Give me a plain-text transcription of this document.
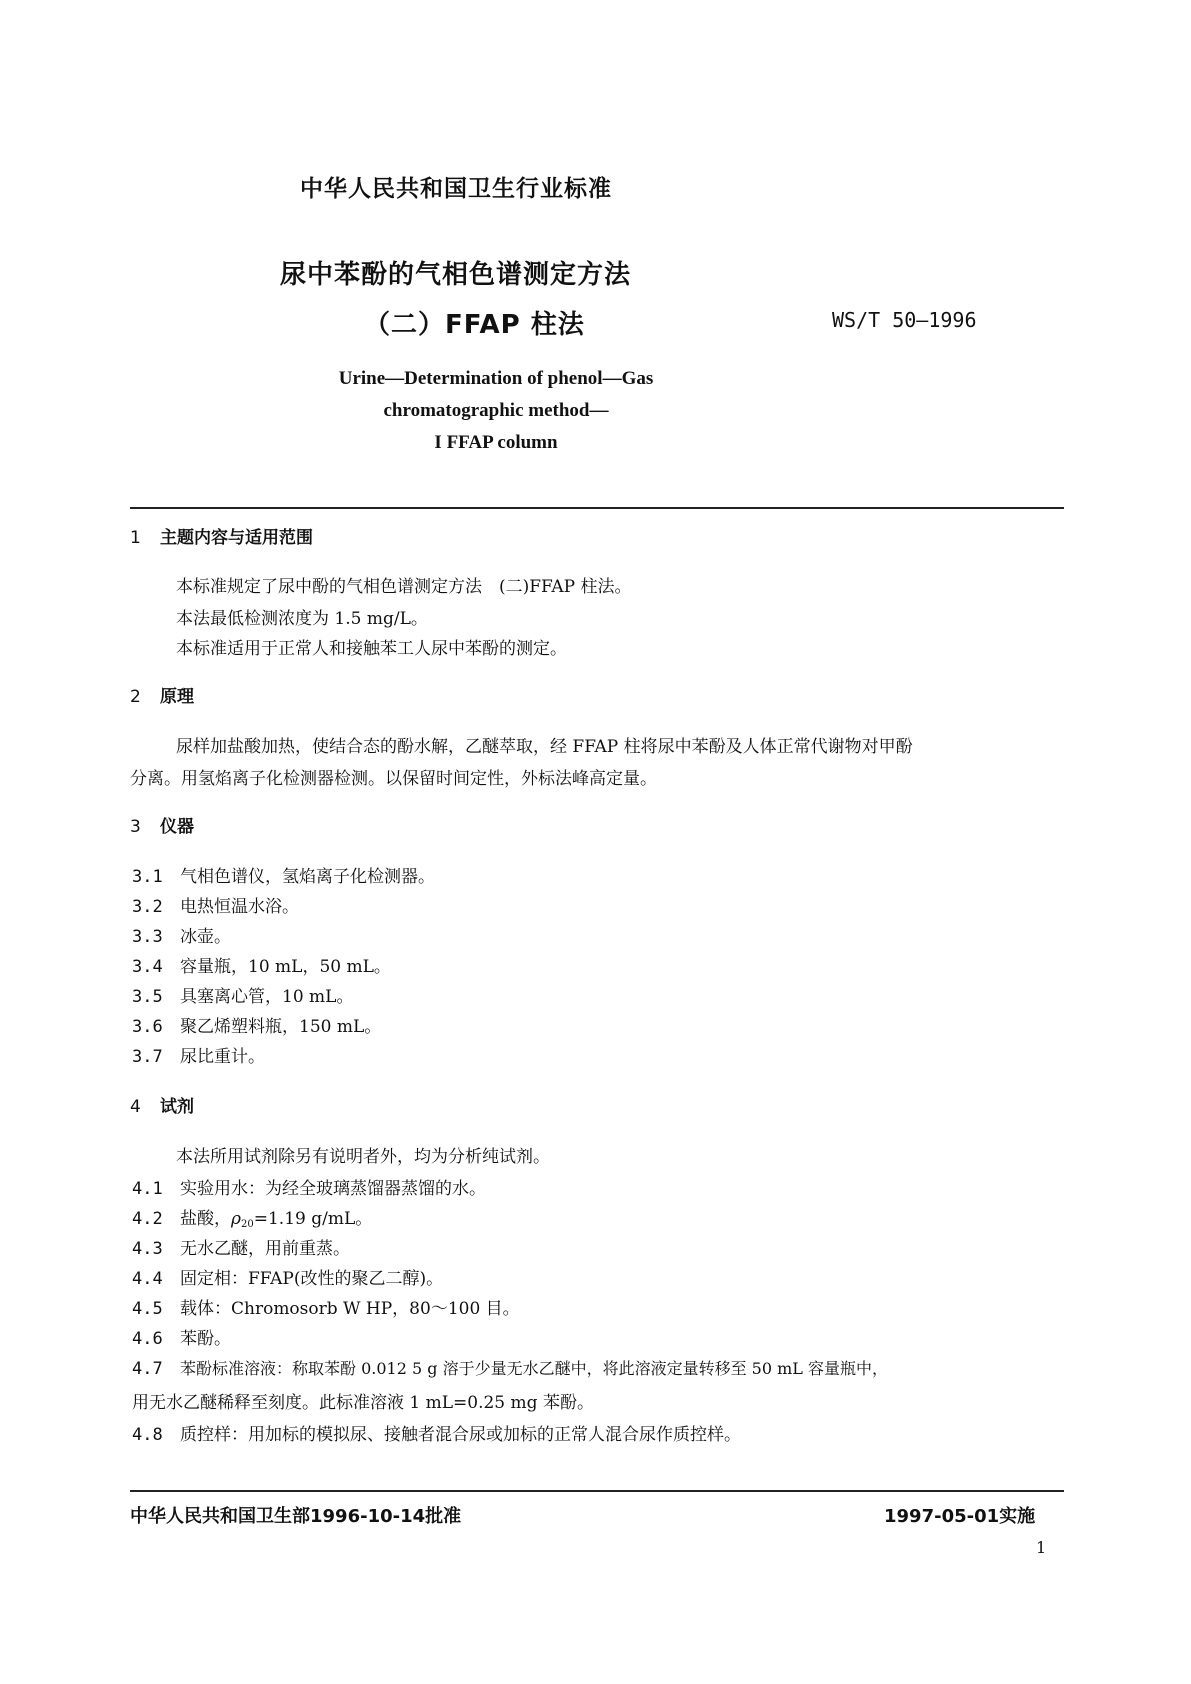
中华人民共和国卫生行业标准
尿中苯酚的气相色谱测定方法
（二）FFAP 柱法	WS/T 50—1996
Urine—Determination of phenol—Gas
chromatographic method—
I FFAP column
1 主题内容与适用范围
本标准规定了尿中酚的气相色谱测定方法　(二)FFAP 柱法。
本法最低检测浓度为 1.5 mg/L。
本标准适用于正常人和接触苯工人尿中苯酚的测定。
2 原理
尿样加盐酸加热，使结合态的酚水解，乙醚萃取，经 FFAP 柱将尿中苯酚及人体正常代谢物对甲酚
分离。用氢焰离子化检测器检测。以保留时间定性，外标法峰高定量。
3 仪器
3.1 气相色谱仪，氢焰离子化检测器。
3.2 电热恒温水浴。
3.3 冰壶。
3.4 容量瓶，10 mL，50 mL。
3.5 具塞离心管，10 mL。
3.6 聚乙烯塑料瓶，150 mL。
3.7 尿比重计。
4 试剂
本法所用试剂除另有说明者外，均为分析纯试剂。
4.1 实验用水：为经全玻璃蒸馏器蒸馏的水。
4.2 盐酸，$\rho_{20}=1.19$ g/mL。
4.3 无水乙醚，用前重蒸。
4.4 固定相：FFAP(改性的聚乙二醇)。
4.5 载体：Chromosorb W HP，80～100 目。
4.6 苯酚。
4.7 苯酚标准溶液：称取苯酚 0.012 5 g 溶于少量无水乙醚中，将此溶液定量转移至 50 mL 容量瓶中，
用无水乙醚稀释至刻度。此标准溶液 1 mL=0.25 mg 苯酚。
4.8 质控样：用加标的模拟尿、接触者混合尿或加标的正常人混合尿作质控样。
中华人民共和国卫生部1996-10-14批准	1997-05-01实施
1
